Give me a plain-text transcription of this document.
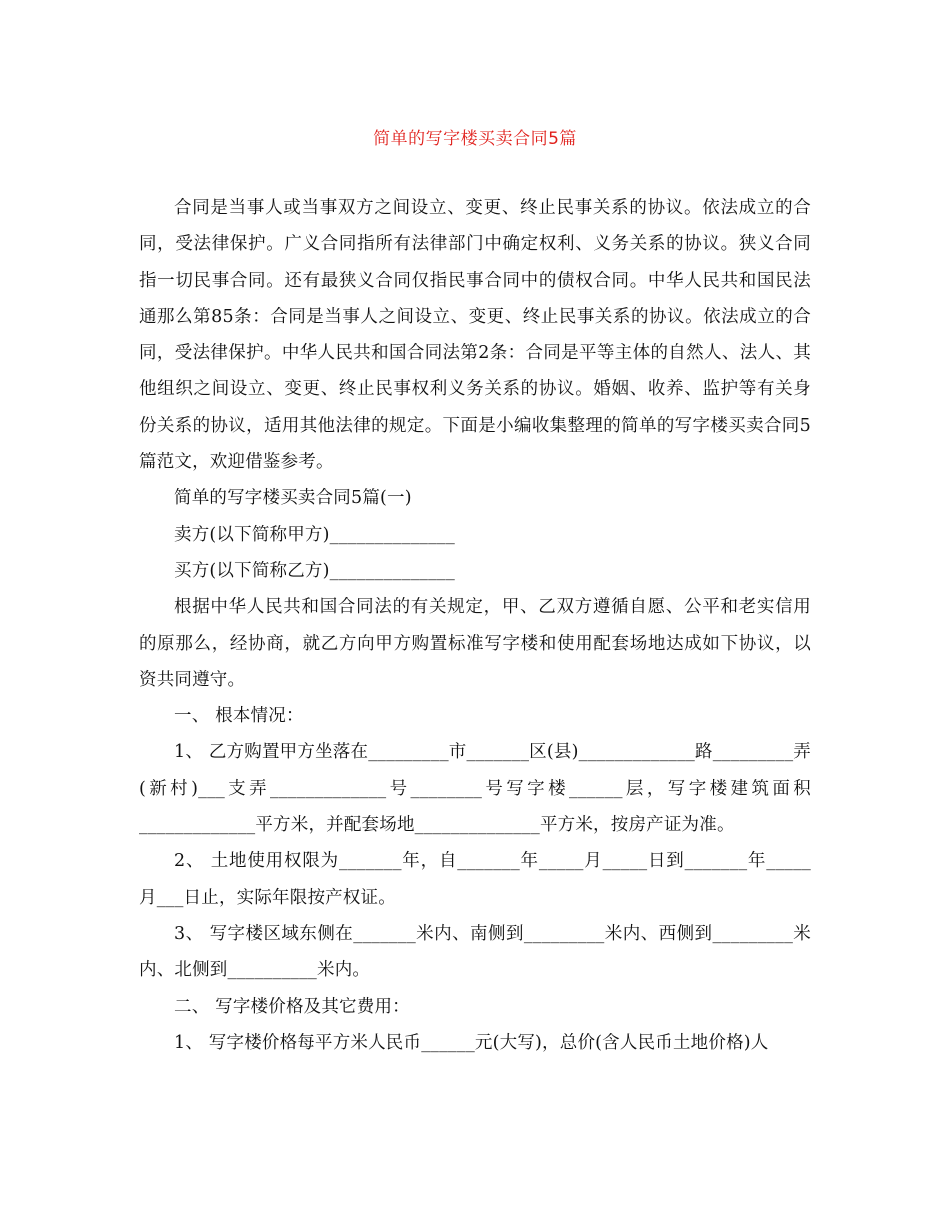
简单的写字楼买卖合同5篇

合同是当事人或当事双方之间设立、变更、终止民事关系的协议。依法成立的合同，受法律保护。广义合同指所有法律部门中确定权利、义务关系的协议。狭义合同指一切民事合同。还有最狭义合同仅指民事合同中的债权合同。中华人民共和国民法通那么第85条：合同是当事人之间设立、变更、终止民事关系的协议。依法成立的合同，受法律保护。中华人民共和国合同法第2条：合同是平等主体的自然人、法人、其他组织之间设立、变更、终止民事权利义务关系的协议。婚姻、收养、监护等有关身份关系的协议，适用其他法律的规定。下面是小编收集整理的简单的写字楼买卖合同5篇范文，欢迎借鉴参考。

简单的写字楼买卖合同5篇(一)

卖方(以下简称甲方)______________

买方(以下简称乙方)______________

根据中华人民共和国合同法的有关规定，甲、乙双方遵循自愿、公平和老实信用的原那么，经协商，就乙方向甲方购置标准写字楼和使用配套场地达成如下协议，以资共同遵守。

一、 根本情况：

1、 乙方购置甲方坐落在_________市_______区(县)_____________路_________弄(新村)___支弄_____________号________号写字楼______层，写字楼建筑面积_____________平方米，并配套场地______________平方米，按房产证为准。

2、 土地使用权限为_______年，自_______年_____月_____日到_______年_____月___日止，实际年限按产权证。

3、 写字楼区域东侧在_______米内、南侧到_________米内、西侧到_________米内、北侧到__________米内。

二、 写字楼价格及其它费用：

1、 写字楼价格每平方米人民币______元(大写)，总价(含人民币土地价格)人
